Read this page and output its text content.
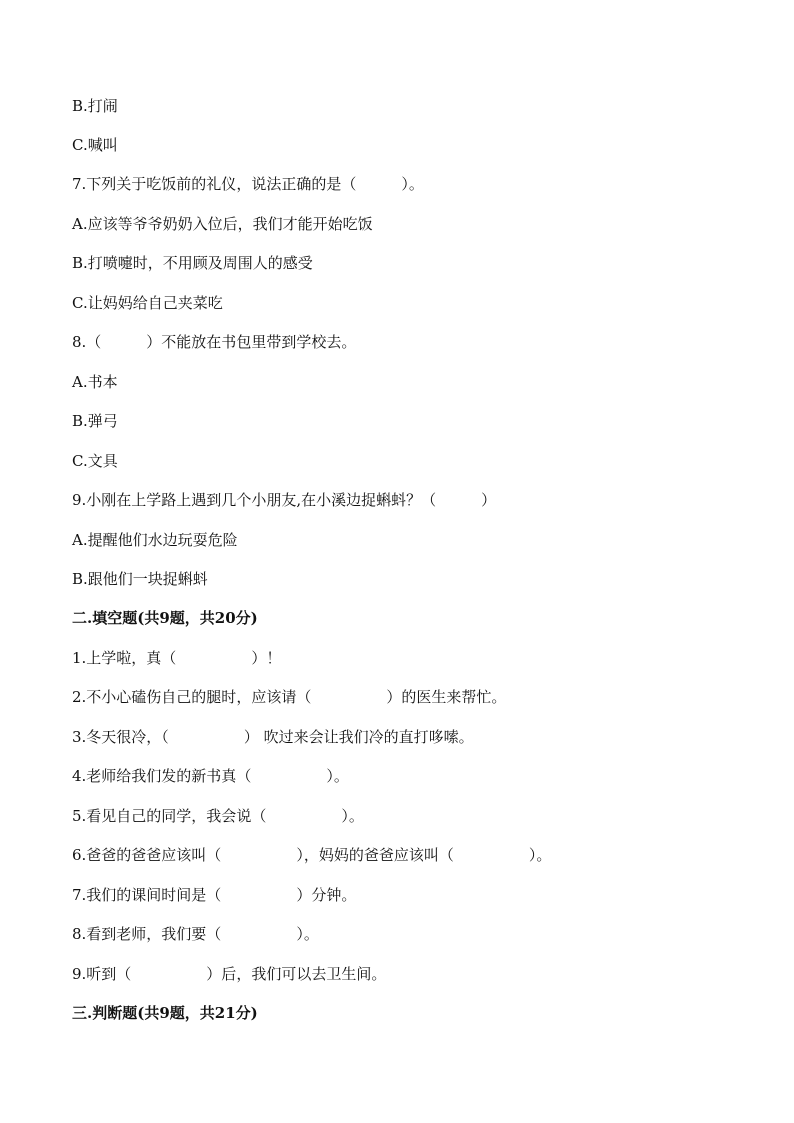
B.打闹
C.喊叫
7.下列关于吃饭前的礼仪，说法正确的是（　　　）。
A.应该等爷爷奶奶入位后，我们才能开始吃饭
B.打喷嚏时，不用顾及周围人的感受
C.让妈妈给自己夹菜吃
8.（　　　）不能放在书包里带到学校去。
A.书本
B.弹弓
C.文具
9.小刚在上学路上遇到几个小朋友,在小溪边捉蝌蚪？（　　　）
A.提醒他们水边玩耍危险
B.跟他们一块捉蝌蚪
二.填空题(共9题，共20分)
1.上学啦，真（　　　　　）！
2.不小心磕伤自己的腿时，应该请（　　　　　）的医生来帮忙。
3.冬天很冷，（　　　　　） 吹过来会让我们冷的直打哆嗦。
4.老师给我们发的新书真（　　　　　）。
5.看见自己的同学，我会说（　　　　　）。
6.爸爸的爸爸应该叫（　　　　　），妈妈的爸爸应该叫（　　　　　）。
7.我们的课间时间是（　　　　　）分钟。
8.看到老师，我们要（　　　　　）。
9.听到（　　　　　）后，我们可以去卫生间。
三.判断题(共9题，共21分)
